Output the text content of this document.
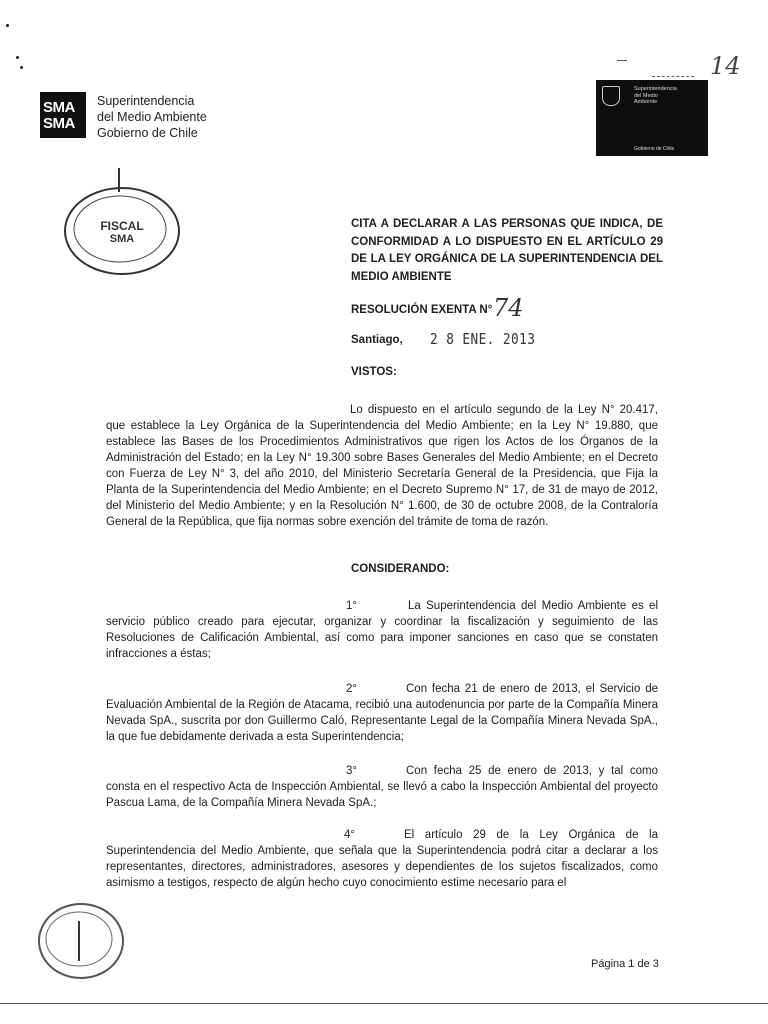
SMA
SMA
Superintendencia
del Medio Ambiente
Gobierno de Chile
Superintendencia
del Medio
Ambiente
Gobierno de Chile
14
FISCAL
SMA
CITA A DECLARAR A LAS PERSONAS QUE INDICA, DE CONFORMIDAD A LO DISPUESTO EN EL ARTÍCULO 29 DE LA LEY ORGÁNICA DE LA SUPERINTENDENCIA DEL MEDIO AMBIENTE
RESOLUCIÓN EXENTA N° 74
Santiago, 2 8 ENE. 2013
VISTOS:
Lo dispuesto en el artículo segundo de la Ley N° 20.417, que establece la Ley Orgánica de la Superintendencia del Medio Ambiente; en la Ley N° 19.880, que establece las Bases de los Procedimientos Administrativos que rigen los Actos de los Órganos de la Administración del Estado; en la Ley N° 19.300 sobre Bases Generales del Medio Ambiente; en el Decreto con Fuerza de Ley N° 3, del año 2010, del Ministerio Secretaría General de la Presidencia, que Fija la Planta de la Superintendencia del Medio Ambiente; en el Decreto Supremo N° 17, de 31 de mayo de 2012, del Ministerio del Medio Ambiente; y en la Resolución N° 1.600, de 30 de octubre 2008, de la Contraloría General de la República, que fija normas sobre exención del trámite de toma de razón.
CONSIDERANDO:
1°	La Superintendencia del Medio Ambiente es el servicio público creado para ejecutar, organizar y coordinar la fiscalización y seguimiento de las Resoluciones de Calificación Ambiental, así como para imponer sanciones en caso que se constaten infracciones a éstas;
2°	Con fecha 21 de enero de 2013, el Servicio de Evaluación Ambiental de la Región de Atacama, recibió una autodenuncia por parte de la Compañía Minera Nevada SpA., suscrita por don Guillermo Caló, Representante Legal de la Compañía Minera Nevada SpA., la que fue debidamente derivada a esta Superintendencia;
3°	Con fecha 25 de enero de 2013, y tal como consta en el respectivo Acta de Inspección Ambiental, se llevó a cabo la Inspección Ambiental del proyecto Pascua Lama, de la Compañía Minera Nevada SpA.;
4°	El artículo 29 de la Ley Orgánica de la Superintendencia del Medio Ambiente, que señala que la Superintendencia podrá citar a declarar a los representantes, directores, administradores, asesores y dependientes de los sujetos fiscalizados, como asimismo a testigos, respecto de algún hecho cuyo conocimiento estime necesario para el
Página 1 de 3
